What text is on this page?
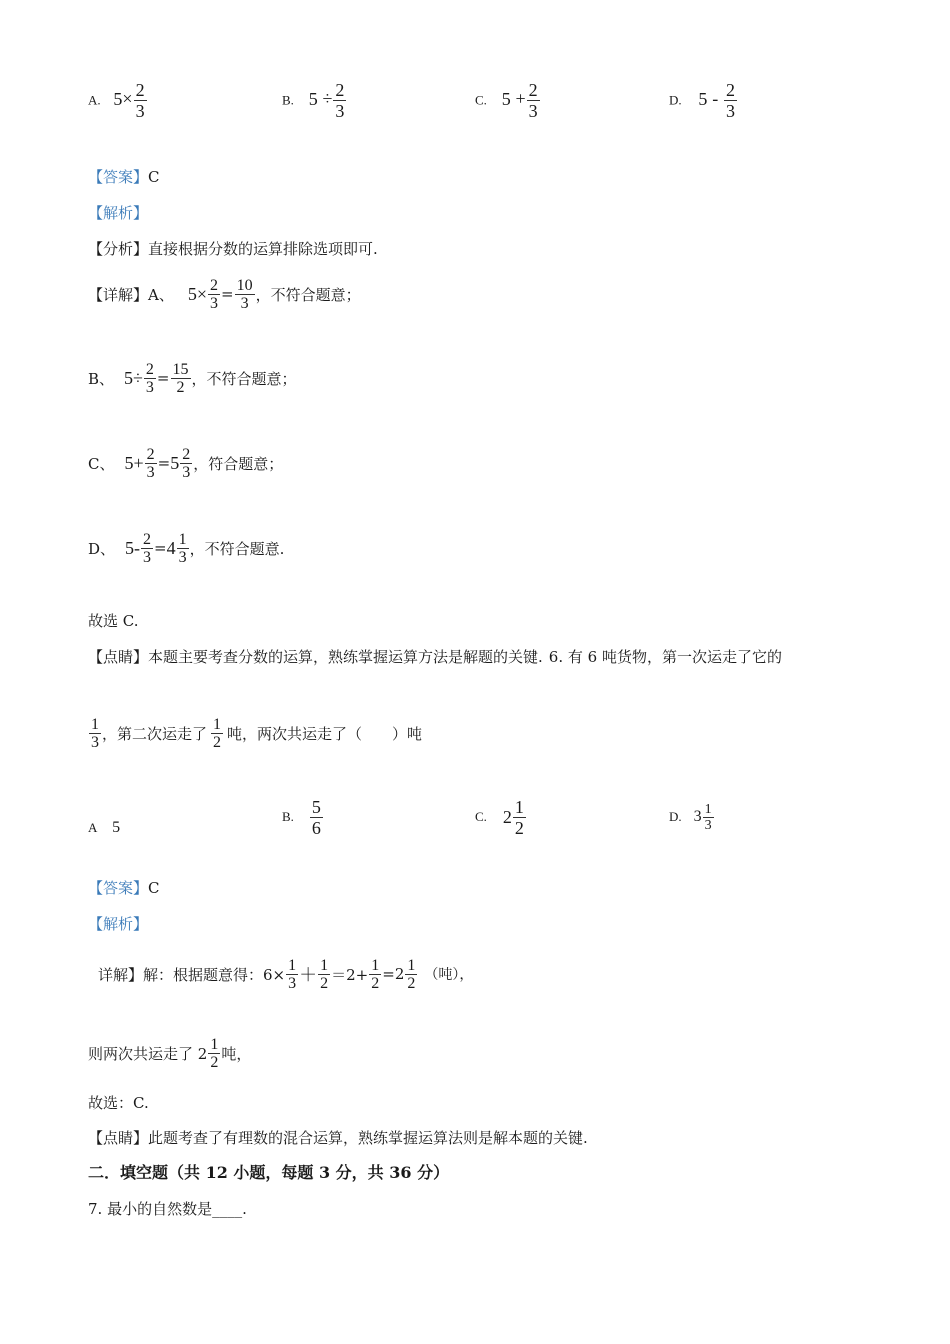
A. $5\times \frac{2}{3}$	B. $5 \div \frac{2}{3}$	C. $5 + \frac{2}{3}$	D. $5 - \frac{2}{3}$
【答案】C
【解析】
【分析】直接根据分数的运算排除选项即可.
【详解】A、 $5 \times \frac{2}{3} = \frac{10}{3}$ ，不符合题意；
B、 $5 \div \frac{2}{3} = \frac{15}{2}$ ，不符合题意；
C、 $5 + \frac{2}{3} = 5 \frac{2}{3}$ ，符合题意；
D、 $5 - \frac{2}{3} = 4 \frac{1}{3}$ ，不符合题意.
故选 C.
【点睛】本题主要考查分数的运算，熟练掌握运算方法是解题的关键. 6. 有 6 吨货物，第一次运走了它的
$\frac{1}{3}$ ，第二次运走了 $\frac{1}{2}$ 吨，两次共运走了（　　）吨
A 5
B. $\frac{5}{6}$	C. $2 \frac{1}{2}$	D. $3 \frac{1}{3}$
【答案】C
【解析】
详解】解：根据题意得：$6\times \frac{1}{3} + \frac{1}{2} =2+ \frac{1}{2} =2 \frac{1}{2}$ （吨），
则两次共运走了 $2 \frac{1}{2}$ 吨，
故选：C.
【点睛】此题考查了有理数的混合运算，熟练掌握运算法则是解本题的关键.
二．填空题（共 12 小题，每题 3 分，共 36 分）
7. 最小的自然数是____.
